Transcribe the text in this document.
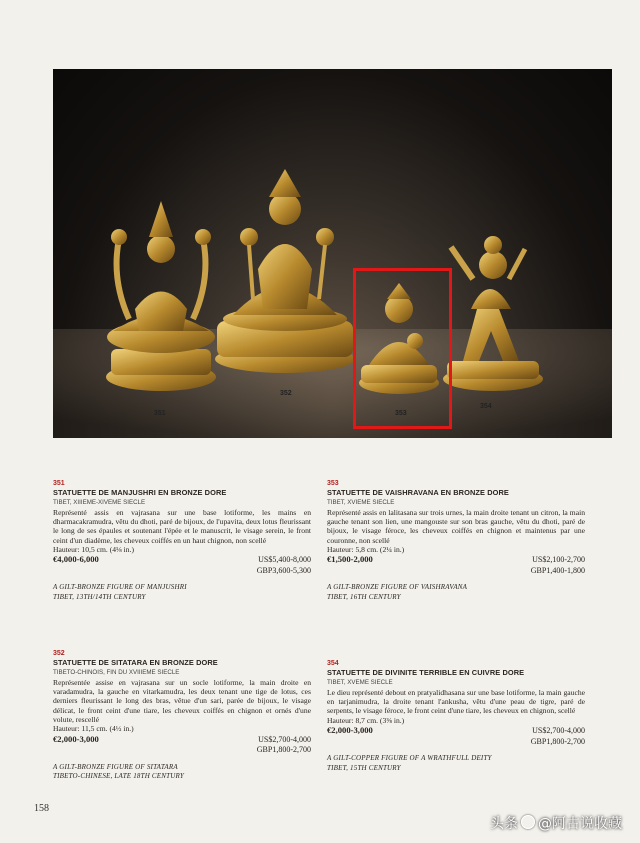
351
352
353
354
351
STATUETTE DE MANJUSHRI EN BRONZE DORE
TIBET, XIIIEME-XIVEME SIECLE
Représenté assis en vajrasana sur une base lotiforme, les mains en dharmacakramudra, vêtu du dhoti, paré de bijoux, de l'upavita, deux lotus fleurissant le long de ses épaules et soutenant l'épée et le manuscrit, le visage serein, le front ceint d'un diadème, les cheveux coiffés en un haut chignon, non scellé
Hauteur: 10,5 cm. (4⅛ in.)
€4,000-6,000	US$5,400-8,000
GBP3,600-5,300
A GILT-BRONZE FIGURE OF MANJUSHRI
TIBET, 13TH/14TH CENTURY
353
STATUETTE DE VAISHRAVANA EN BRONZE DORE
TIBET, XVIEME SIECLE
Représenté assis en lalitasana sur trois urnes, la main droite tenant un citron, la main gauche tenant son lien, une mangouste sur son bras gauche, vêtu du dhoti, paré de bijoux, le visage féroce, les cheveux coiffés en chignon et maintenus par une couronne, non scellé
Hauteur: 5,8 cm. (2¼ in.)
€1,500-2,000	US$2,100-2,700
GBP1,400-1,800
A GILT-BRONZE FIGURE OF VAISHRAVANA
TIBET, 16TH CENTURY
352
STATUETTE DE SITATARA EN BRONZE DORE
TIBETO-CHINOIS, FIN DU XVIIIEME SIECLE
Représentée assise en vajrasana sur un socle lotiforme, la main droite en varadamudra, la gauche en vitarkamudra, les deux tenant une tige de lotus, ces derniers fleurissant le long des bras, vêtue d'un sari, parée de bijoux, le visage délicat, le front ceint d'une tiare, les cheveux coiffés en chignon et ornés d'une volute, rescellé
Hauteur: 11,5 cm. (4½ in.)
€2,000-3,000	US$2,700-4,000
GBP1,800-2,700
A GILT-BRONZE FIGURE OF SITATARA
TIBETO-CHINESE, LATE 18TH CENTURY
354
STATUETTE DE DIVINITE TERRIBLE EN CUIVRE DORE
TIBET, XVEME SIECLE
Le dieu représenté debout en pratyalidhasana sur une base lotiforme, la main gauche en tarjanimudra, la droite tenant l'ankusha, vêtu d'une peau de tigre, paré de serpents, le visage féroce, le front ceint d'une tiare, les cheveux en chignon, scellé
Hauteur: 8,7 cm. (3⅜ in.)
€2,000-3,000	US$2,700-4,000
GBP1,800-2,700
A GILT-COPPER FIGURE OF A WRATHFULL DEITY
TIBET, 15TH CENTURY
158
头条 @阿古说收藏
